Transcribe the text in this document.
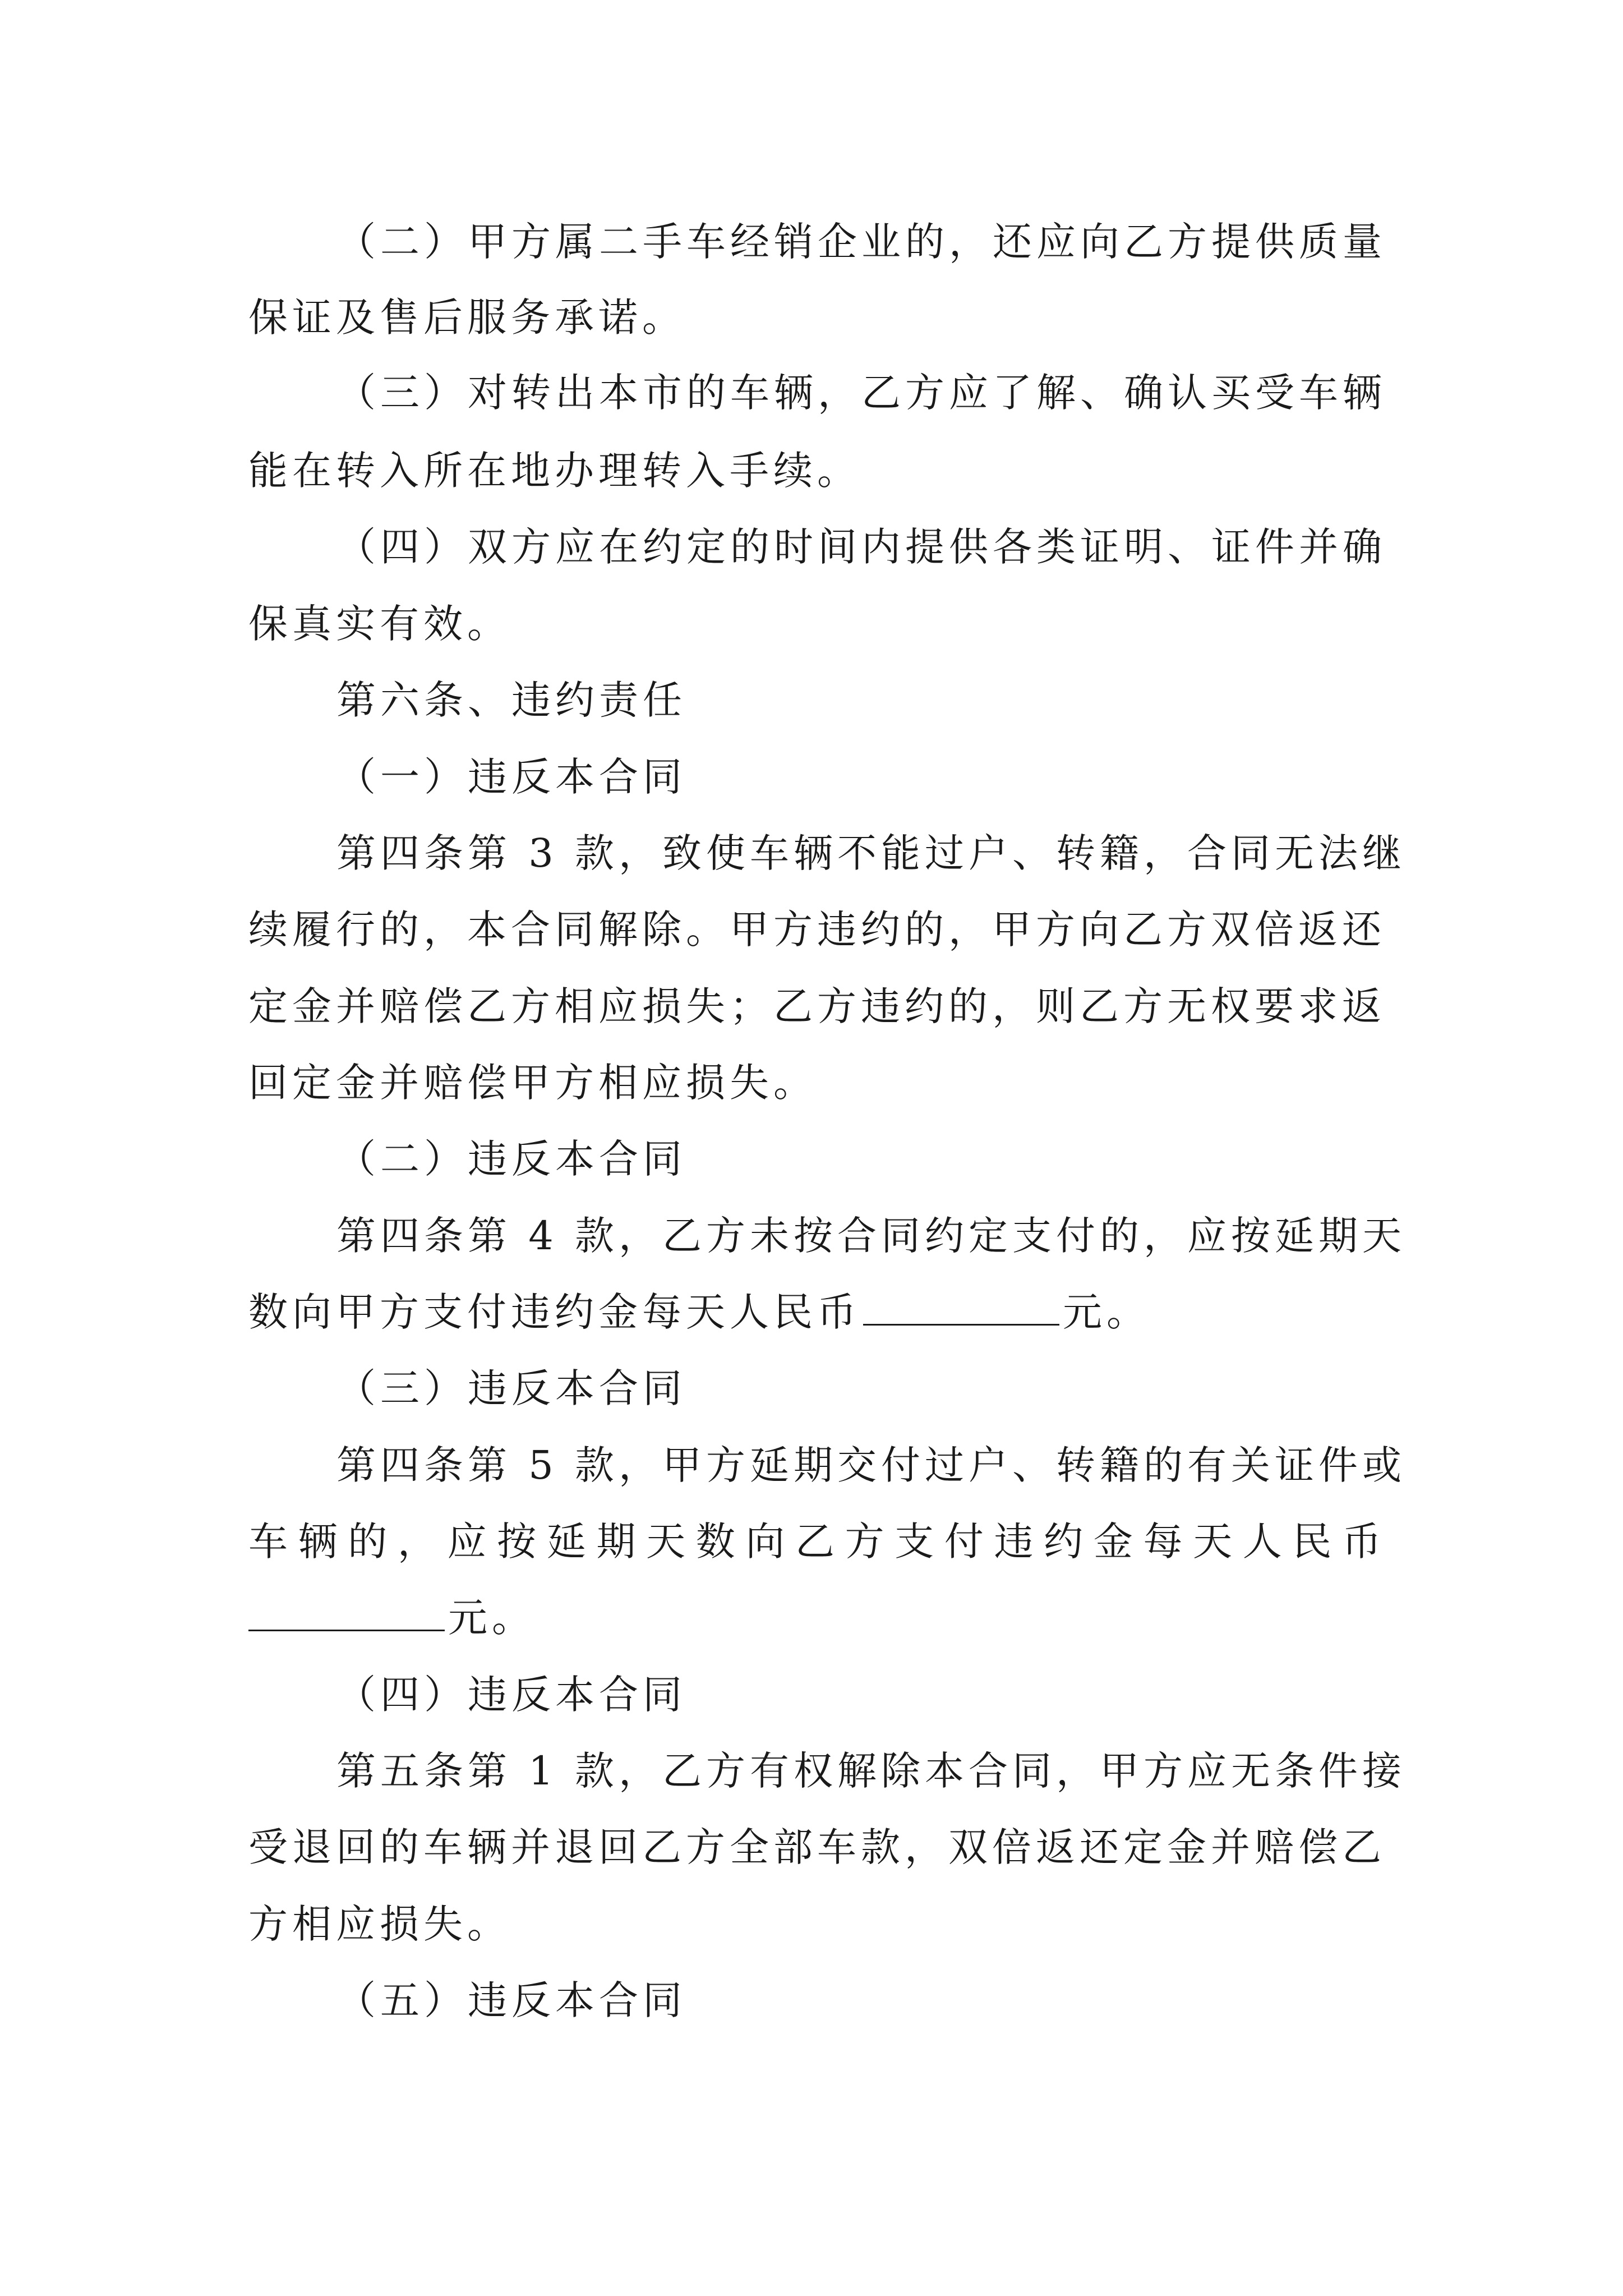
（二）甲方属二手车经销企业的，还应向乙方提供质量
保证及售后服务承诺。
（三）对转出本市的车辆，乙方应了解、确认买受车辆
能在转入所在地办理转入手续。
（四）双方应在约定的时间内提供各类证明、证件并确
保真实有效。
第六条、违约责任
（一）违反本合同
第四条第 3 款，致使车辆不能过户、转籍，合同无法继
续履行的，本合同解除。甲方违约的，甲方向乙方双倍返还
定金并赔偿乙方相应损失；乙方违约的，则乙方无权要求返
回定金并赔偿甲方相应损失。
（二）违反本合同
第四条第 4 款，乙方未按合同约定支付的，应按延期天
数向甲方支付违约金每天人民币	元。
（三）违反本合同
第四条第 5 款，甲方延期交付过户、转籍的有关证件或
车辆的，应按延期天数向乙方支付违约金每天人民币
元。
（四）违反本合同
第五条第 1 款，乙方有权解除本合同，甲方应无条件接
受退回的车辆并退回乙方全部车款，双倍返还定金并赔偿乙
方相应损失。
（五）违反本合同
